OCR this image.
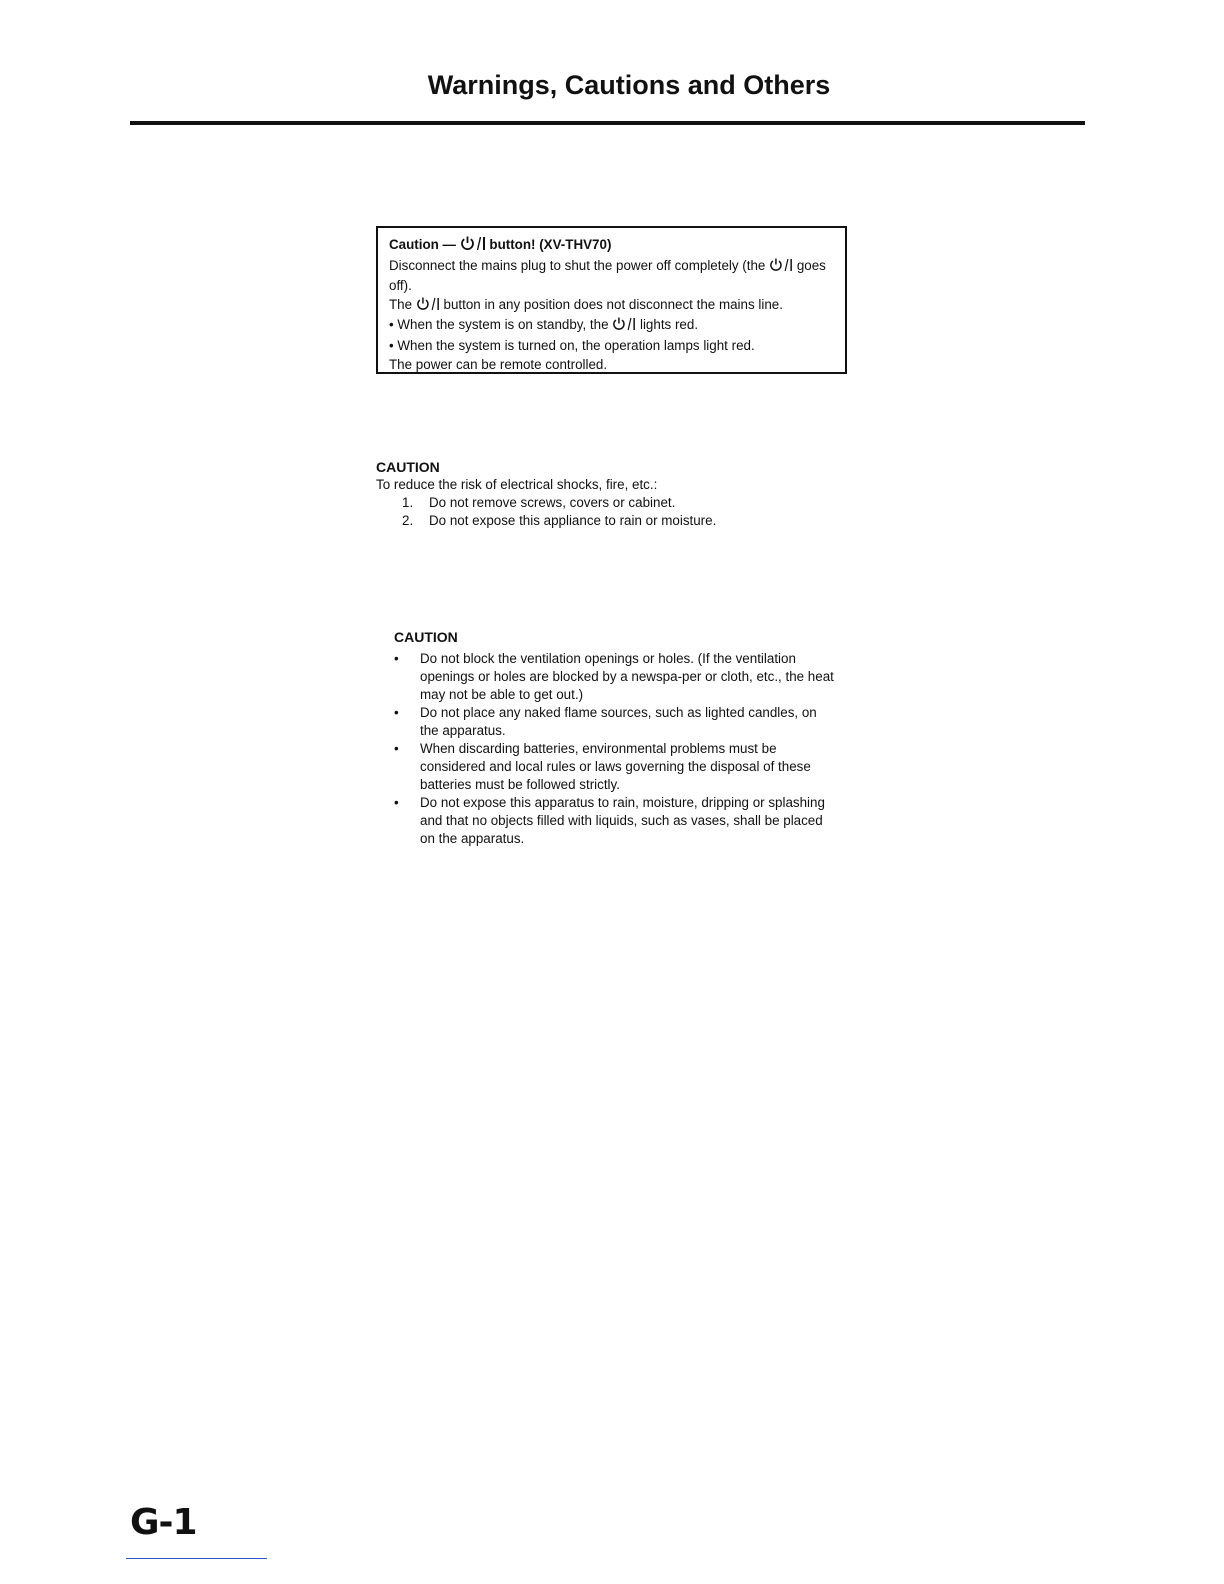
Warnings, Cautions and Others

Caution —  button! (XV-THV70)

Disconnect the mains plug to shut the power off completely (the  goes off).

The  button in any position does not disconnect the mains line.

• When the system is on standby, the  lights red.

• When the system is turned on, the operation lamps light red.

The power can be remote controlled.

CAUTION

To reduce the risk of electrical shocks, fire, etc.:

1. Do not remove screws, covers or cabinet.
2. Do not expose this appliance to rain or moisture.

CAUTION

• Do not block the ventilation openings or holes. (If the ventilation openings or holes are blocked by a newspa-per or cloth, etc., the heat may not be able to get out.)
• Do not place any naked flame sources, such as lighted candles, on the apparatus.
• When discarding batteries, environmental problems must be considered and local rules or laws governing the disposal of these batteries must be followed strictly.
• Do not expose this apparatus to rain, moisture, dripping or splashing and that no objects filled with liquids, such as vases, shall be placed on the apparatus.
G-1
